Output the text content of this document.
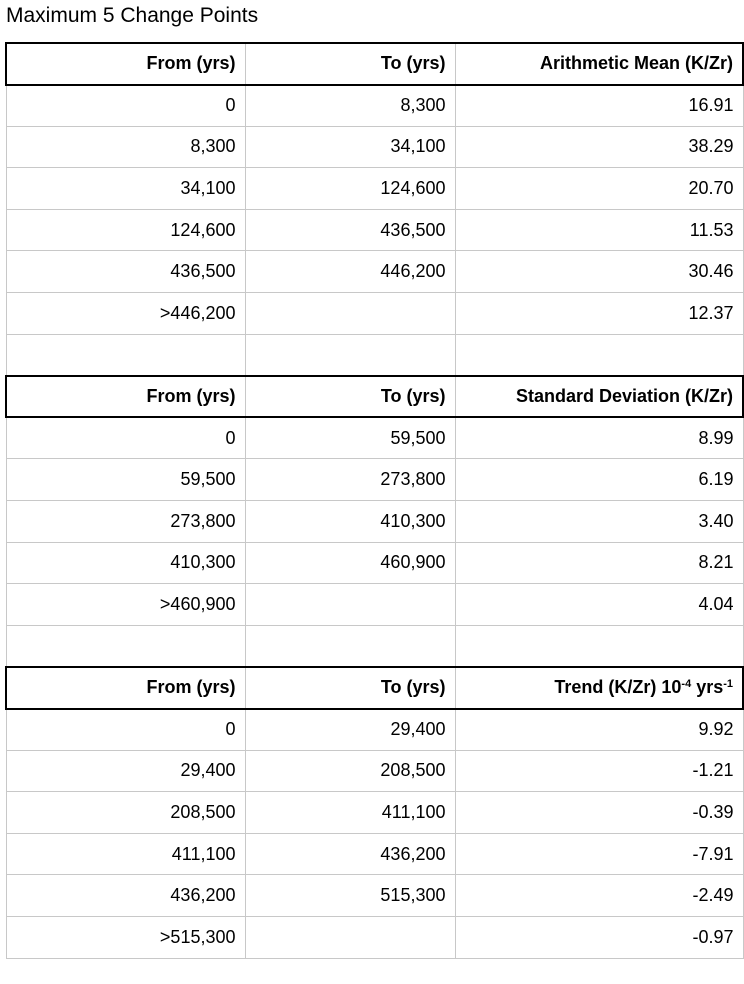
Maximum 5 Change Points
From (yrs)	To (yrs)	Arithmetic Mean (K/Zr)
0	8,300	16.91
8,300	34,100	38.29
34,100	124,600	20.70
124,600	436,500	11.53
436,500	446,200	30.46
>446,200		12.37

From (yrs)	To (yrs)	Standard Deviation (K/Zr)
0	59,500	8.99
59,500	273,800	6.19
273,800	410,300	3.40
410,300	460,900	8.21
>460,900		4.04

From (yrs)	To (yrs)	Trend (K/Zr) $10^{-4}$ yrs$^{-1}$
0	29,400	9.92
29,400	208,500	-1.21
208,500	411,100	-0.39
411,100	436,200	-7.91
436,200	515,300	-2.49
>515,300		-0.97
